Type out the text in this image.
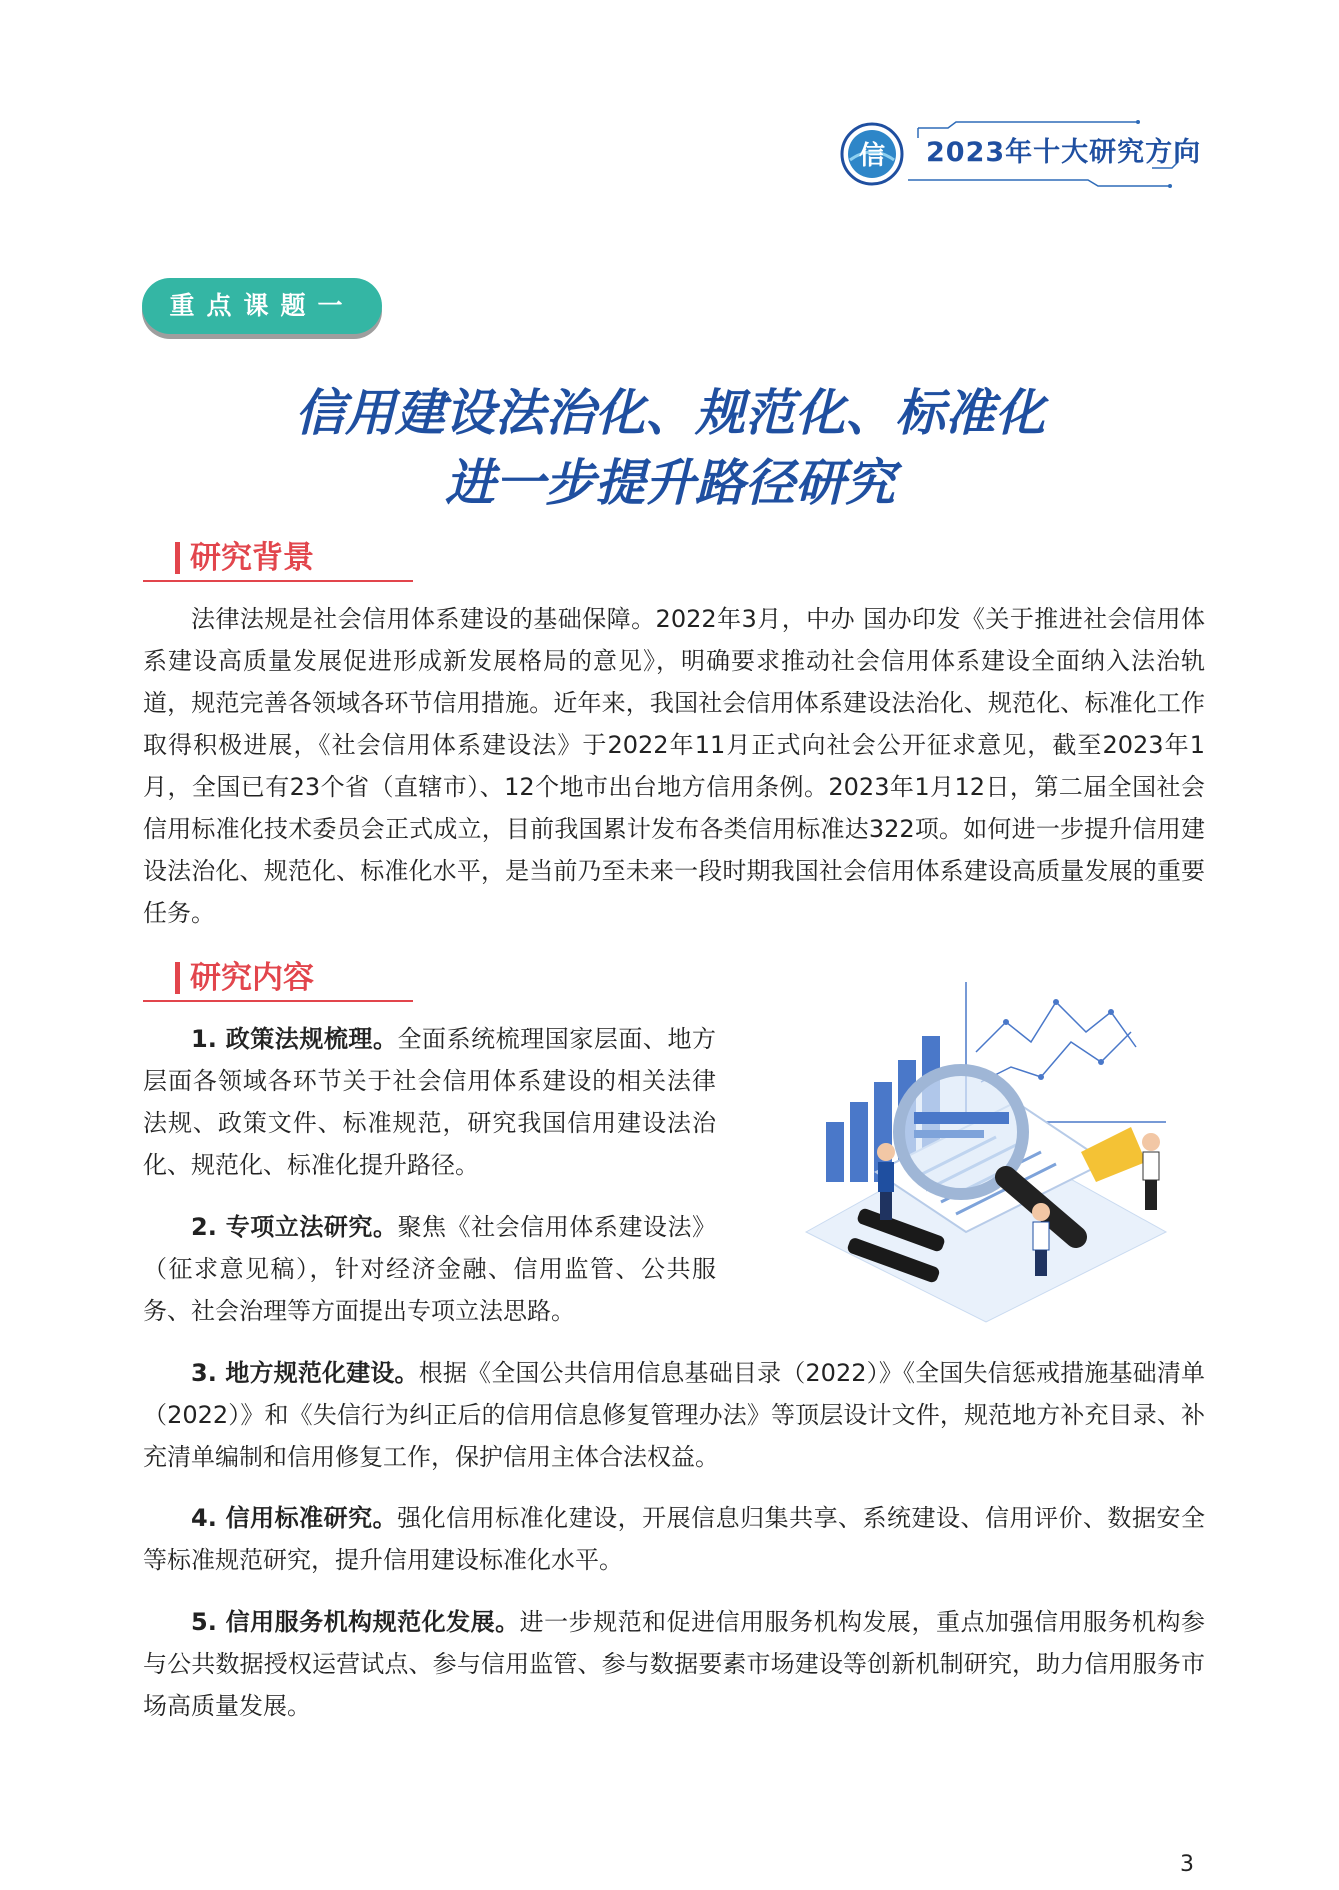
信 2023年十大研究方向
重点课题一
信用建设法治化、规范化、标准化
进一步提升路径研究
研究背景

法律法规是社会信用体系建设的基础保障。2022年3月，中办 国办印发《关于推进社会信用体系建设高质量发展促进形成新发展格局的意见》，明确要求推动社会信用体系建设全面纳入法治轨道，规范完善各领域各环节信用措施。近年来，我国社会信用体系建设法治化、规范化、标准化工作取得积极进展，《社会信用体系建设法》于2022年11月正式向社会公开征求意见，截至2023年1月，全国已有23个省（直辖市）、12个地市出台地方信用条例。2023年1月12日，第二届全国社会信用标准化技术委员会正式成立，目前我国累计发布各类信用标准达322项。如何进一步提升信用建设法治化、规范化、标准化水平，是当前乃至未来一段时期我国社会信用体系建设高质量发展的重要任务。

研究内容

1. 政策法规梳理。全面系统梳理国家层面、地方层面各领域各环节关于社会信用体系建设的相关法律法规、政策文件、标准规范，研究我国信用建设法治化、规范化、标准化提升路径。

2. 专项立法研究。聚焦《社会信用体系建设法》（征求意见稿），针对经济金融、信用监管、公共服务、社会治理等方面提出专项立法思路。

3. 地方规范化建设。根据《全国公共信用信息基础目录（2022）》《全国失信惩戒措施基础清单（2022）》和《失信行为纠正后的信用信息修复管理办法》等顶层设计文件，规范地方补充目录、补充清单编制和信用修复工作，保护信用主体合法权益。

4. 信用标准研究。强化信用标准化建设，开展信息归集共享、系统建设、信用评价、数据安全等标准规范研究，提升信用建设标准化水平。

5. 信用服务机构规范化发展。进一步规范和促进信用服务机构发展，重点加强信用服务机构参与公共数据授权运营试点、参与信用监管、参与数据要素市场建设等创新机制研究，助力信用服务市场高质量发展。

3
